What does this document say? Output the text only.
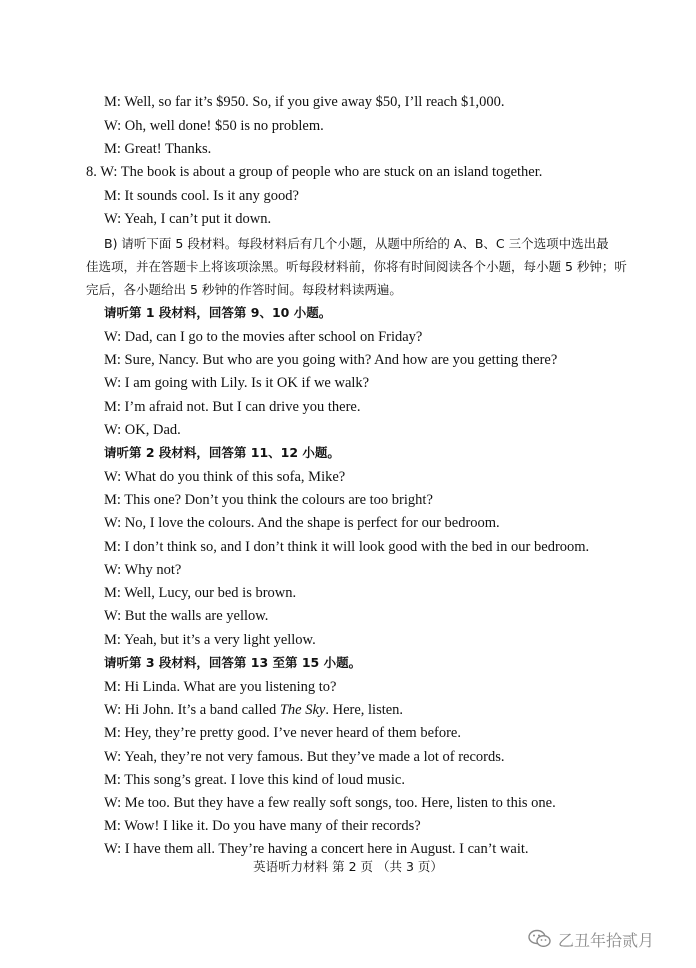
M: Well, so far it’s $950. So, if you give away $50, I’ll reach $1,000.
W: Oh, well done! $50 is no problem.
M: Great! Thanks.
8. W: The book is about a group of people who are stuck on an island together.
M: It sounds cool. Is it any good?
W: Yeah, I can’t put it down.
B) 请听下面 5 段材料。每段材料后有几个小题，从题中所给的 A、B、C 三个选项中选出最
佳选项，并在答题卡上将该项涂黑。听每段材料前，你将有时间阅读各个小题，每小题 5 秒钟；听
完后，各小题给出 5 秒钟的作答时间。每段材料读两遍。
请听第 1 段材料，回答第 9、10 小题。
W: Dad, can I go to the movies after school on Friday?
M: Sure, Nancy. But who are you going with? And how are you getting there?
W: I am going with Lily. Is it OK if we walk?
M: I’m afraid not. But I can drive you there.
W: OK, Dad.
请听第 2 段材料，回答第 11、12 小题。
W: What do you think of this sofa, Mike?
M: This one? Don’t you think the colours are too bright?
W: No, I love the colours. And the shape is perfect for our bedroom.
M: I don’t think so, and I don’t think it will look good with the bed in our bedroom.
W: Why not?
M: Well, Lucy, our bed is brown.
W: But the walls are yellow.
M: Yeah, but it’s a very light yellow.
请听第 3 段材料，回答第 13 至第 15 小题。
M: Hi Linda. What are you listening to?
W: Hi John. It’s a band called The Sky. Here, listen.
M: Hey, they’re pretty good. I’ve never heard of them before.
W: Yeah, they’re not very famous. But they’ve made a lot of records.
M: This song’s great. I love this kind of loud music.
W: Me too. But they have a few really soft songs, too. Here, listen to this one.
M: Wow! I like it. Do you have many of their records?
W: I have them all. They’re having a concert here in August. I can’t wait.
英语听力材料 第 2 页 （共 3 页）
乙丑年拾贰月
